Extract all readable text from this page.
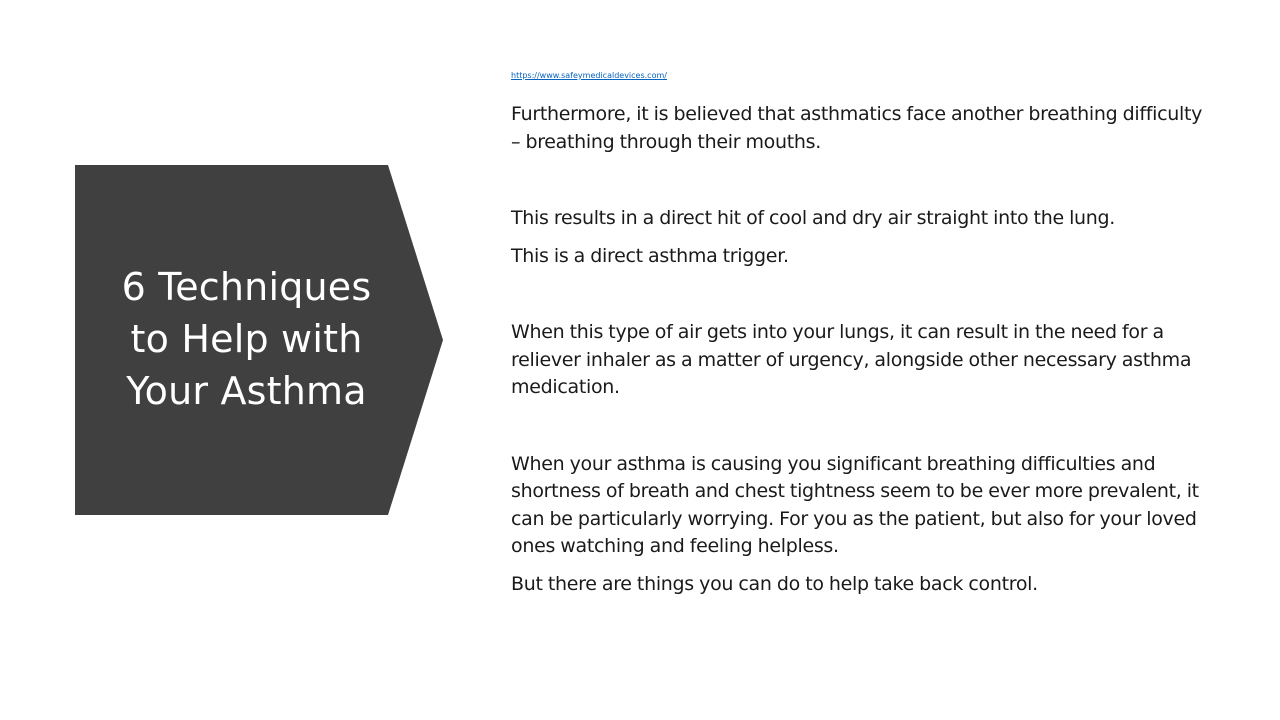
6 Techniques
to Help with
Your Asthma
https://www.safeymedicaldevices.com/

Furthermore, it is believed that asthmatics face another breathing difficulty – breathing through their mouths.

This results in a direct hit of cool and dry air straight into the lung.

This is a direct asthma trigger.

When this type of air gets into your lungs, it can result in the need for a reliever inhaler as a matter of urgency, alongside other necessary asthma medication.

When your asthma is causing you significant breathing difficulties and shortness of breath and chest tightness seem to be ever more prevalent, it can be particularly worrying. For you as the patient, but also for your loved ones watching and feeling helpless.

But there are things you can do to help take back control.
